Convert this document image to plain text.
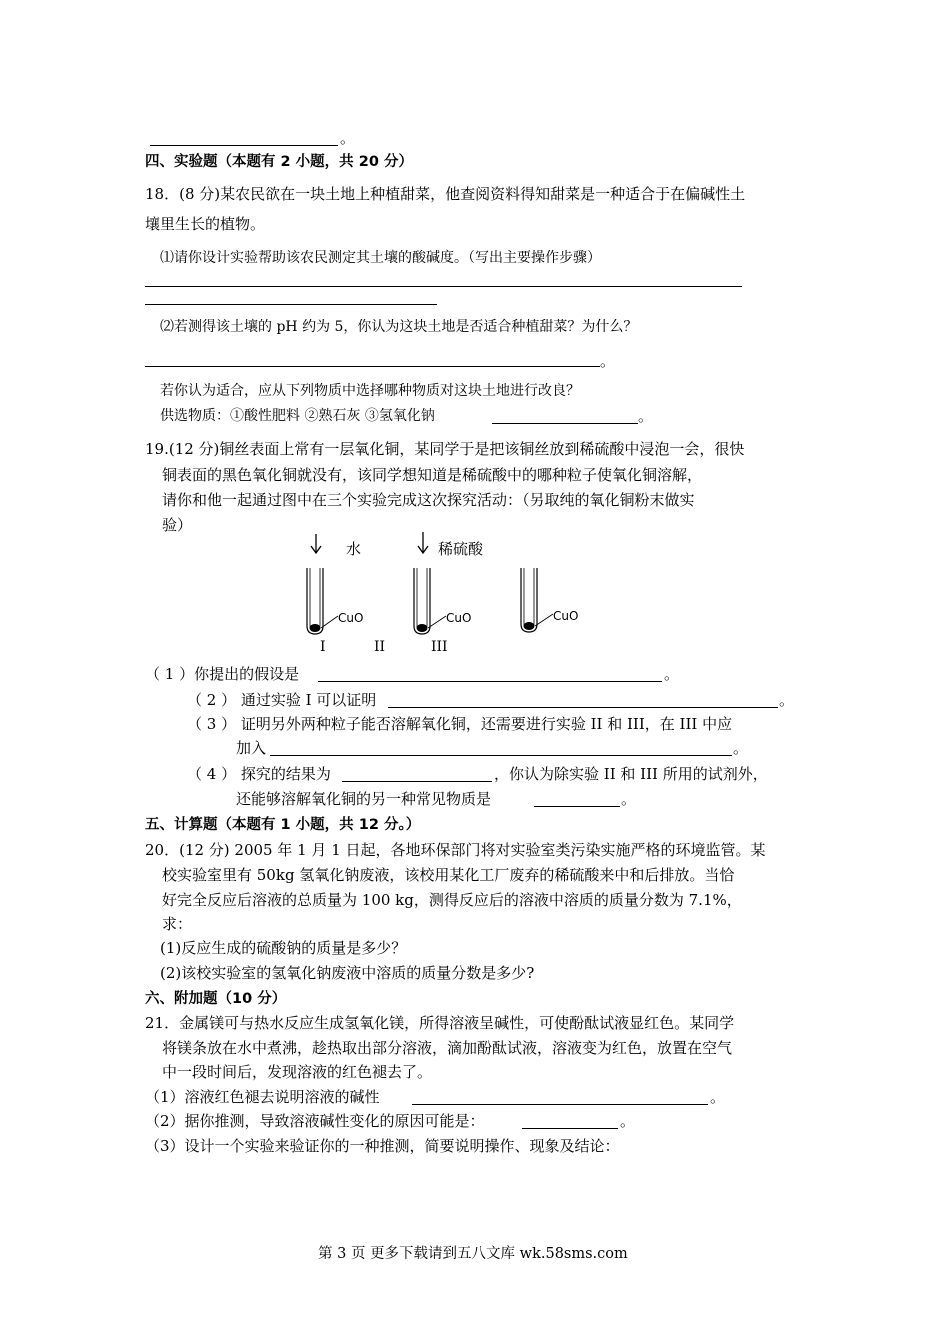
。
四、实验题（本题有 2 小题，共 20 分）
18．(8 分)某农民欲在一块土地上种植甜菜，他查阅资料得知甜菜是一种适合于在偏碱性土
壤里生长的植物。
⑴请你设计实验帮助该农民测定其土壤的酸碱度。（写出主要操作步骤）
⑵若测得该土壤的 pH 约为 5，你认为这块土地是否适合种植甜菜？为什么？
。
若你认为适合，应从下列物质中选择哪种物质对这块土地进行改良？
供选物质：①酸性肥料 ②熟石灰 ③氢氧化钠	。
19.(12 分)铜丝表面上常有一层氧化铜，某同学于是把该铜丝放到稀硫酸中浸泡一会，很快
铜表面的黑色氧化铜就没有，该同学想知道是稀硫酸中的哪种粒子使氧化铜溶解，
请你和他一起通过图中在三个实验完成这次探究活动：（另取纯的氧化铜粉末做实
验）
水	稀硫酸
CuO	CuO	CuO
I	II	III
（ 1 ）你提出的假设是	。
（ 2 ） 通过实验 I 可以证明	。
（ 3 ） 证明另外两种粒子能否溶解氧化铜，还需要进行实验 II 和 III，在 III 中应
加入	。
（ 4 ） 探究的结果为	，你认为除实验 II 和 III 所用的试剂外，
还能够溶解氧化铜的另一种常见物质是	。
五、计算题（本题有 1 小题，共 12 分。）
20．(12 分) 2005 年 1 月 1 日起，各地环保部门将对实验室类污染实施严格的环境监管。某
校实验室里有 50kg 氢氧化钠废液，该校用某化工厂废弃的稀硫酸来中和后排放。当恰
好完全反应后溶液的总质量为 100 kg，测得反应后的溶液中溶质的质量分数为 7.1%，
求：
(1)反应生成的硫酸钠的质量是多少？
(2)该校实验室的氢氧化钠废液中溶质的质量分数是多少?
六、附加题（10 分）
21．金属镁可与热水反应生成氢氧化镁，所得溶液呈碱性，可使酚酞试液显红色。某同学
将镁条放在水中煮沸，趁热取出部分溶液，滴加酚酞试液，溶液变为红色，放置在空气
中一段时间后，发现溶液的红色褪去了。
（1）溶液红色褪去说明溶液的碱性	。
（2）据你推测，导致溶液碱性变化的原因可能是：	。
（3）设计一个实验来验证你的一种推测，简要说明操作、现象及结论：
第 3 页 更多下载请到五八文库 wk.58sms.com
